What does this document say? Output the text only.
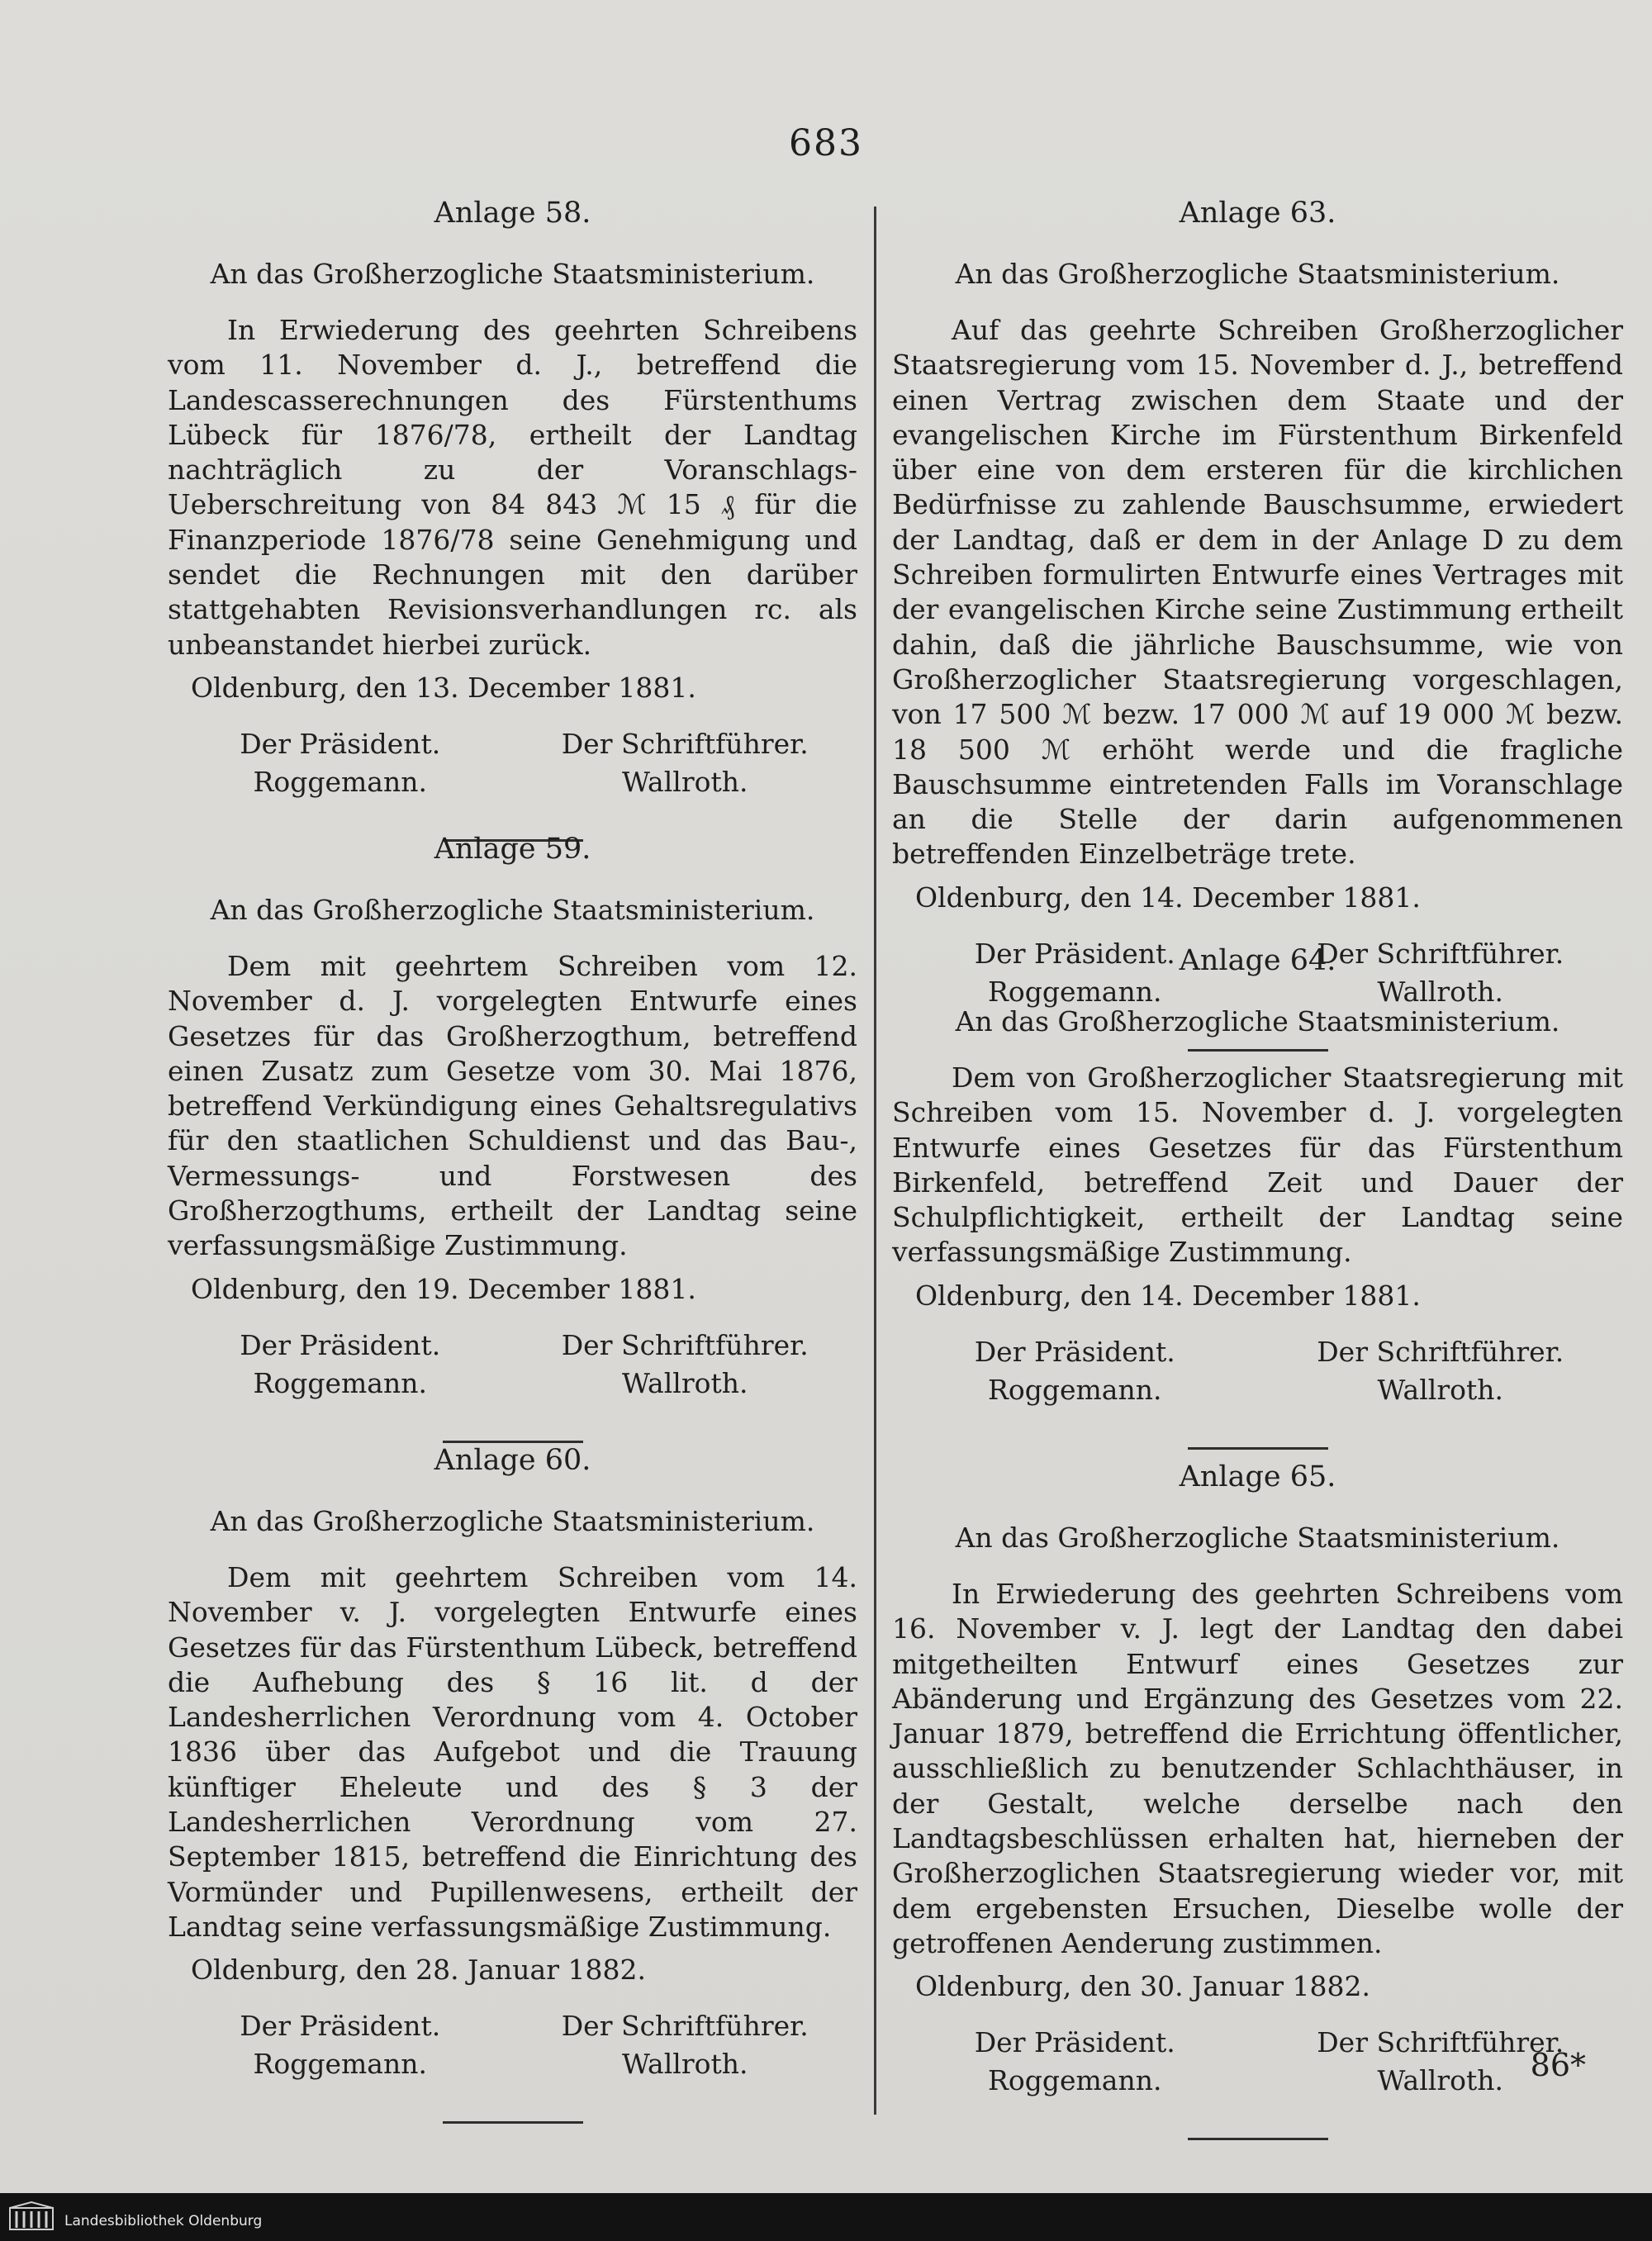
683
Anlage 58.
An das Großherzogliche Staatsministerium.

In Erwiederung des geehrten Schreibens vom 11. November d. J., betreffend die Landescasserechnungen des Fürstenthums Lübeck für 1876/78, ertheilt der Landtag nachträglich zu der Voranschlags-Ueberschreitung von 84 843 ℳ 15 ₰ für die Finanzperiode 1876/78 seine Genehmigung und sendet die Rechnungen mit den darüber stattgehabten Revisionsverhandlungen rc. als unbeanstandet hierbei zurück.

Oldenburg, den 13. December 1881.
Der Präsident.
Roggemann.
Der Schriftführer.
Wallroth.
Anlage 59.
An das Großherzogliche Staatsministerium.

Dem mit geehrtem Schreiben vom 12. November d. J. vorgelegten Entwurfe eines Gesetzes für das Großherzogthum, betreffend einen Zusatz zum Gesetze vom 30. Mai 1876, betreffend Verkündigung eines Gehaltsregulativs für den staatlichen Schuldienst und das Bau-, Vermessungs- und Forstwesen des Großherzogthums, ertheilt der Landtag seine verfassungsmäßige Zustimmung.

Oldenburg, den 19. December 1881.
Der Präsident.
Roggemann.
Der Schriftführer.
Wallroth.
Anlage 60.
An das Großherzogliche Staatsministerium.

Dem mit geehrtem Schreiben vom 14. November v. J. vorgelegten Entwurfe eines Gesetzes für das Fürstenthum Lübeck, betreffend die Aufhebung des § 16 lit. d der Landesherrlichen Verordnung vom 4. October 1836 über das Aufgebot und die Trauung künftiger Eheleute und des § 3 der Landesherrlichen Verordnung vom 27. September 1815, betreffend die Einrichtung des Vormünder und Pupillenwesens, ertheilt der Landtag seine verfassungsmäßige Zustimmung.

Oldenburg, den 28. Januar 1882.
Der Präsident.
Roggemann.
Der Schriftführer.
Wallroth.
Anlage 63.
An das Großherzogliche Staatsministerium.

Auf das geehrte Schreiben Großherzoglicher Staatsregierung vom 15. November d. J., betreffend einen Vertrag zwischen dem Staate und der evangelischen Kirche im Fürstenthum Birkenfeld über eine von dem ersteren für die kirchlichen Bedürfnisse zu zahlende Bauschsumme, erwiedert der Landtag, daß er dem in der Anlage D zu dem Schreiben formulirten Entwurfe eines Vertrages mit der evangelischen Kirche seine Zustimmung ertheilt dahin, daß die jährliche Bauschsumme, wie von Großherzoglicher Staatsregierung vorgeschlagen, von 17 500 ℳ bezw. 17 000 ℳ auf 19 000 ℳ bezw. 18 500 ℳ erhöht werde und die fragliche Bauschsumme eintretenden Falls im Voranschlage an die Stelle der darin aufgenommenen betreffenden Einzelbeträge trete.

Oldenburg, den 14. December 1881.
Der Präsident.
Roggemann.
Der Schriftführer.
Wallroth.
Anlage 64.
An das Großherzogliche Staatsministerium.

Dem von Großherzoglicher Staatsregierung mit Schreiben vom 15. November d. J. vorgelegten Entwurfe eines Gesetzes für das Fürstenthum Birkenfeld, betreffend Zeit und Dauer der Schulpflichtigkeit, ertheilt der Landtag seine verfassungsmäßige Zustimmung.

Oldenburg, den 14. December 1881.
Der Präsident.
Roggemann.
Der Schriftführer.
Wallroth.
Anlage 65.
An das Großherzogliche Staatsministerium.

In Erwiederung des geehrten Schreibens vom 16. November v. J. legt der Landtag den dabei mitgetheilten Entwurf eines Gesetzes zur Abänderung und Ergänzung des Gesetzes vom 22. Januar 1879, betreffend die Errichtung öffentlicher, ausschließlich zu benutzender Schlachthäuser, in der Gestalt, welche derselbe nach den Landtagsbeschlüssen erhalten hat, hierneben der Großherzoglichen Staatsregierung wieder vor, mit dem ergebensten Ersuchen, Dieselbe wolle der getroffenen Aenderung zustimmen.

Oldenburg, den 30. Januar 1882.
Der Präsident.
Roggemann.
Der Schriftführer.
Wallroth. 86*
Landesbibliothek Oldenburg
